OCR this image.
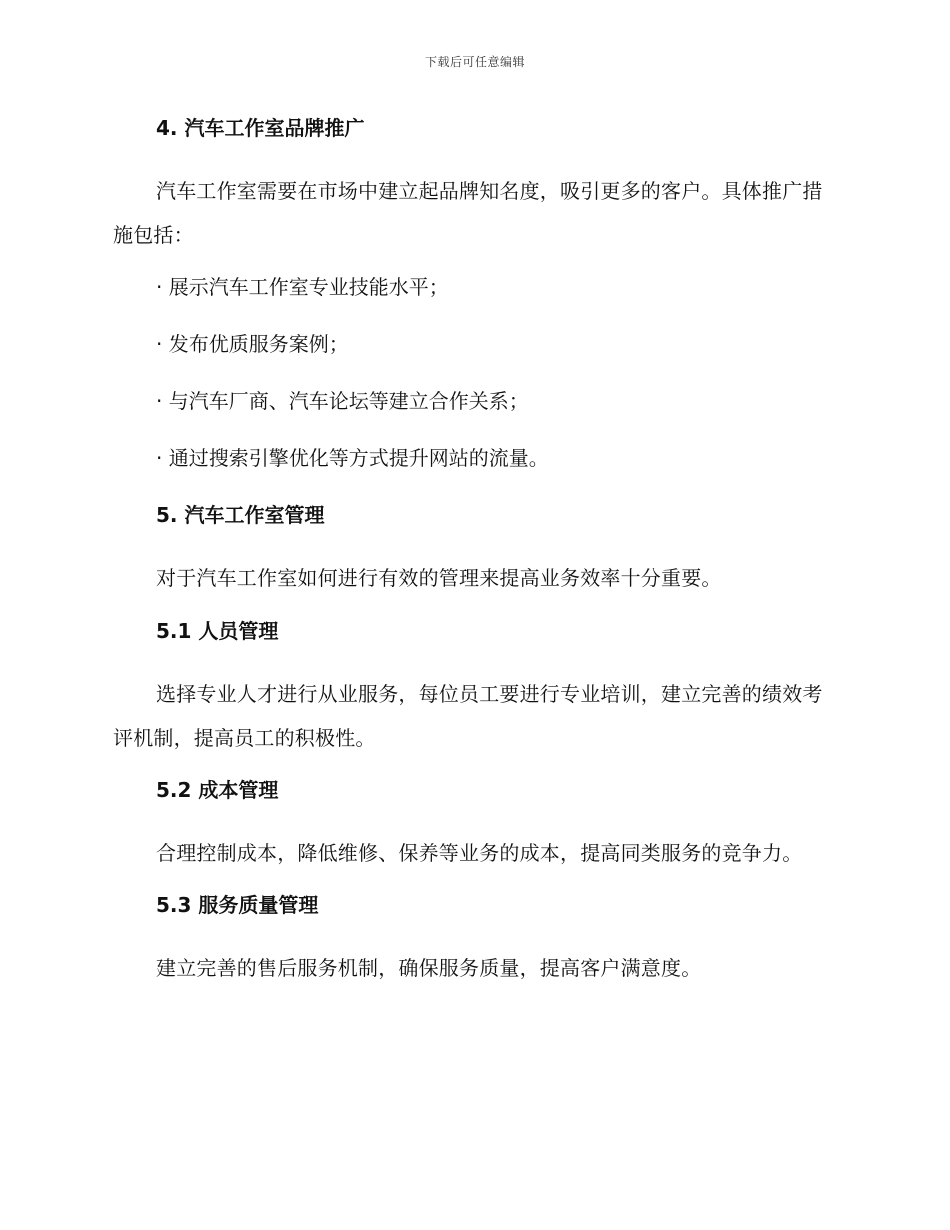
下载后可任意编辑
4. 汽车工作室品牌推广

汽车工作室需要在市场中建立起品牌知名度，吸引更多的客户。具体推广措施包括：

· 展示汽车工作室专业技能水平；
· 发布优质服务案例；
· 与汽车厂商、汽车论坛等建立合作关系；
· 通过搜索引擎优化等方式提升网站的流量。
5. 汽车工作室管理

对于汽车工作室如何进行有效的管理来提高业务效率十分重要。

5.1 人员管理

选择专业人才进行从业服务，每位员工要进行专业培训，建立完善的绩效考评机制，提高员工的积极性。

5.2 成本管理

合理控制成本，降低维修、保养等业务的成本，提高同类服务的竞争力。

5.3 服务质量管理

建立完善的售后服务机制，确保服务质量，提高客户满意度。
